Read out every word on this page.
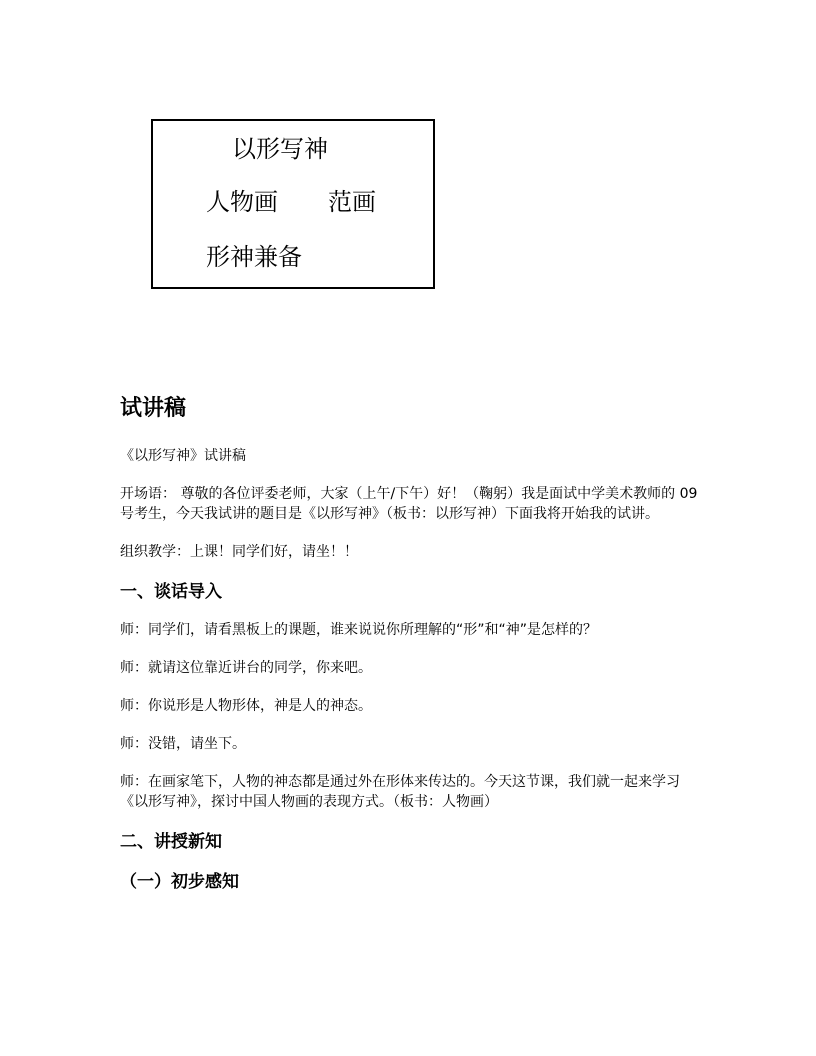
以形写神
人物画 范画
形神兼备
试讲稿

《以形写神》试讲稿

开场语： 尊敬的各位评委老师，大家（上午/下午）好！（鞠躬）我是面试中学美术教师的 09 号考生，今天我试讲的题目是《以形写神》（板书：以形写神）下面我将开始我的试讲。

组织教学：上课！同学们好，请坐！！

一、谈话导入

师：同学们，请看黑板上的课题，谁来说说你所理解的“形”和“神”是怎样的？

师：就请这位靠近讲台的同学，你来吧。

师：你说形是人物形体，神是人的神态。

师：没错，请坐下。

师：在画家笔下，人物的神态都是通过外在形体来传达的。今天这节课，我们就一起来学习《以形写神》，探讨中国人物画的表现方式。（板书：人物画）

二、讲授新知
（一）初步感知
